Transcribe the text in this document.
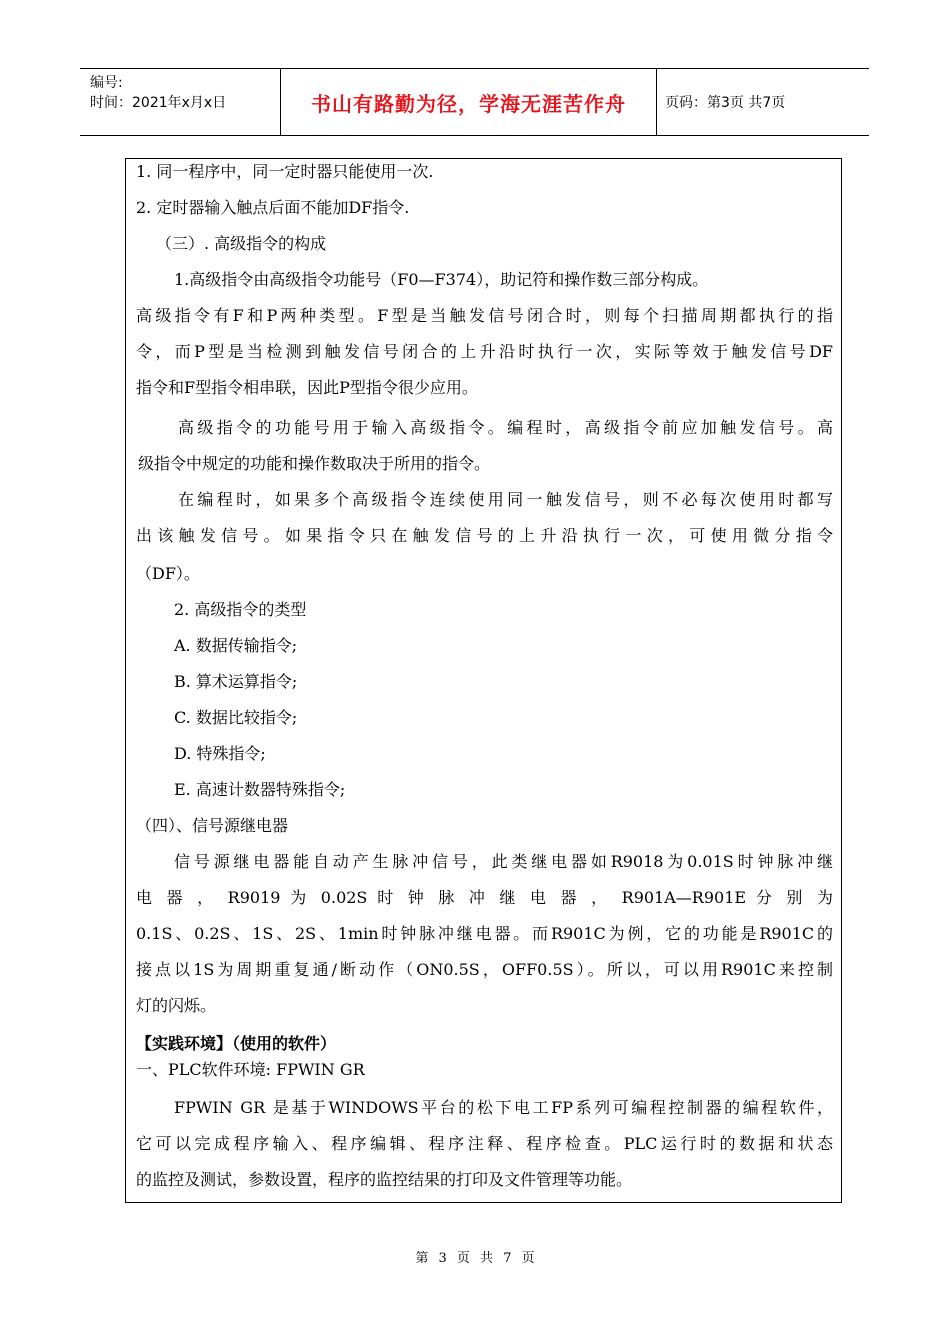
编号:
时间：2021年x月x日	书山有路勤为径，学海无涯苦作舟	页码：第3页 共7页
1. 同一程序中，同一定时器只能使用一次.
2. 定时器输入触点后面不能加DF指令.
（三）. 高级指令的构成
1.高级指令由高级指令功能号（F0—F374），助记符和操作数三部分构成。
高级指令有F和P两种类型。F型是当触发信号闭合时，则每个扫描周期都执行的指
令，而P型是当检测到触发信号闭合的上升沿时执行一次，实际等效于触发信号DF
指令和F型指令相串联，因此P型指令很少应用。
高级指令的功能号用于输入高级指令。编程时，高级指令前应加触发信号。高
级指令中规定的功能和操作数取决于所用的指令。
在编程时，如果多个高级指令连续使用同一触发信号，则不必每次使用时都写
出该触发信号。如果指令只在触发信号的上升沿执行一次，可使用微分指令
（DF）。
2. 高级指令的类型
A. 数据传输指令;
B. 算术运算指令;
C. 数据比较指令;
D. 特殊指令;
E. 高速计数器特殊指令;
（四）、信号源继电器
信号源继电器能自动产生脉冲信号，此类继电器如R9018为0.01S时钟脉冲继
电 器 ， R9019 为 0.02S 时 钟 脉 冲 继 电 器 ， R901A—R901E 分 别 为
0.1S、0.2S、1S、2S、1min时钟脉冲继电器。而R901C为例，它的功能是R901C的
接点以1S为周期重复通/断动作（ON0.5S，OFF0.5S）。所以，可以用R901C来控制
灯的闪烁。
【实践环境】（使用的软件）
一、PLC软件环境: FPWIN GR
FPWIN GR 是基于WINDOWS平台的松下电工FP系列可编程控制器的编程软件，
它可以完成程序输入、程序编辑、程序注释、程序检查。PLC运行时的数据和状态
的监控及测试，参数设置，程序的监控结果的打印及文件管理等功能。
第 3 页 共 7 页
